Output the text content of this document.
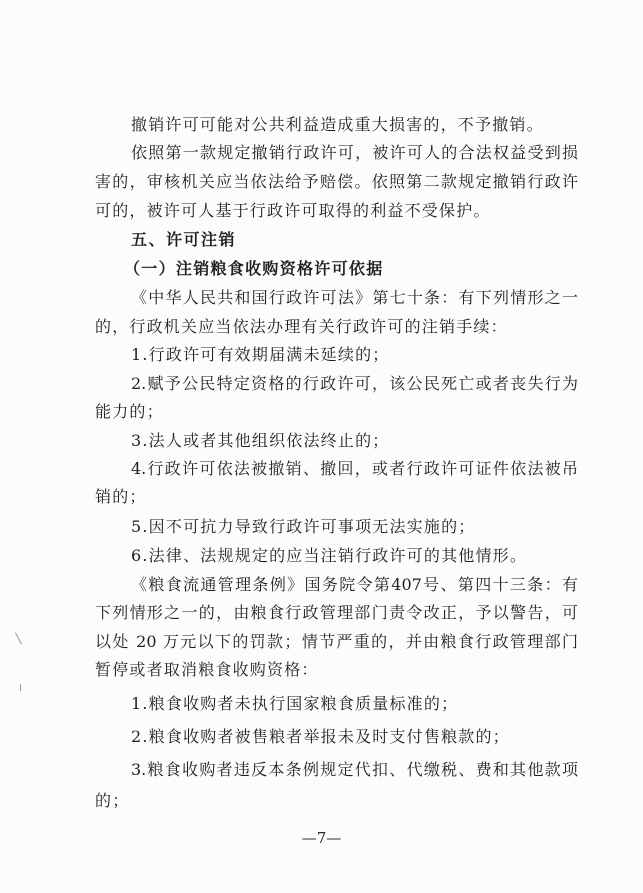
撤销许可可能对公共利益造成重大损害的，不予撤销。
依照第一款规定撤销行政许可，被许可人的合法权益受到损
害的，审核机关应当依法给予赔偿。依照第二款规定撤销行政许
可的，被许可人基于行政许可取得的利益不受保护。
五、许可注销
（一）注销粮食收购资格许可依据
《中华人民共和国行政许可法》第七十条：有下列情形之一
的，行政机关应当依法办理有关行政许可的注销手续：
1.行政许可有效期届满未延续的；
2.赋予公民特定资格的行政许可，该公民死亡或者丧失行为
能力的；
3.法人或者其他组织依法终止的；
4.行政许可依法被撤销、撤回，或者行政许可证件依法被吊
销的；
5.因不可抗力导致行政许可事项无法实施的；
6.法律、法规规定的应当注销行政许可的其他情形。
《粮食流通管理条例》国务院令第407号、第四十三条：有
下列情形之一的，由粮食行政管理部门责令改正，予以警告，可
以处 20 万元以下的罚款；情节严重的，并由粮食行政管理部门
暂停或者取消粮食收购资格：
1.粮食收购者未执行国家粮食质量标准的；
2.粮食收购者被售粮者举报未及时支付售粮款的；
3.粮食收购者违反本条例规定代扣、代缴税、费和其他款项
的；
—7—
